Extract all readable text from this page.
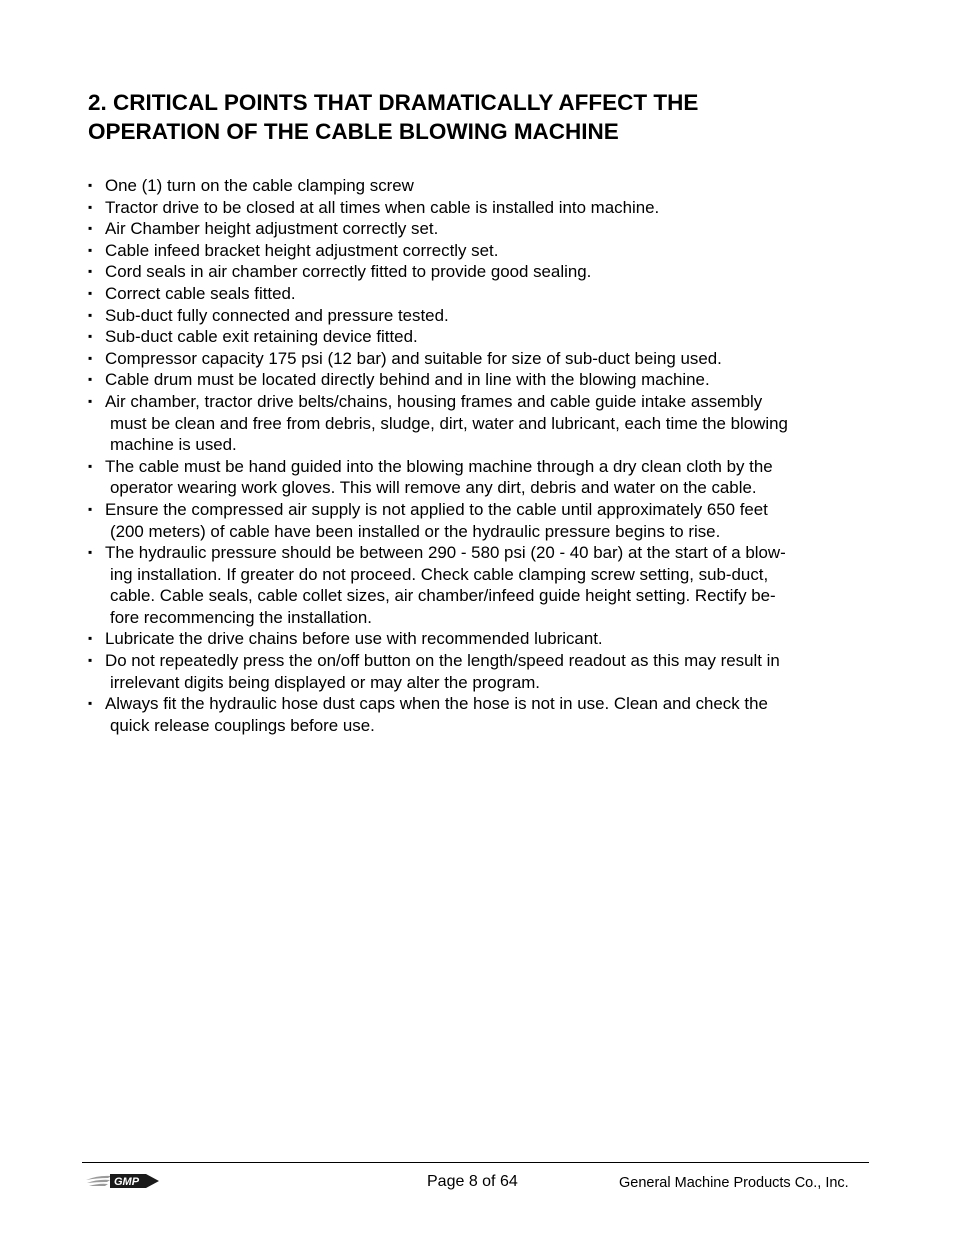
2. CRITICAL POINTS THAT DRAMATICALLY AFFECT THE
OPERATION OF THE CABLE BLOWING MACHINE
▪ One (1) turn on the cable clamping screw
▪ Tractor drive to be closed at all times when cable is installed into machine.
▪ Air Chamber height adjustment correctly set.
▪ Cable infeed bracket height adjustment correctly set.
▪ Cord seals in air chamber correctly fitted to provide good sealing.
▪ Correct cable seals fitted.
▪ Sub-duct fully connected and pressure tested.
▪ Sub-duct cable exit retaining device fitted.
▪ Compressor capacity 175 psi (12 bar) and suitable for size of sub-duct being used.
▪ Cable drum must be located directly behind and in line with the blowing machine.
▪ Air chamber, tractor drive belts/chains, housing frames and cable guide intake assembly
must be clean and free from debris, sludge, dirt, water and lubricant, each time the blowing
machine is used.
▪ The cable must be hand guided into the blowing machine through a dry clean cloth by the
operator wearing work gloves. This will remove any dirt, debris and water on the cable.
▪ Ensure the compressed air supply is not applied to the cable until approximately 650 feet
(200 meters) of cable have been installed or the hydraulic pressure begins to rise.
▪ The hydraulic pressure should be between 290 - 580 psi (20 - 40 bar) at the start of a blow-
ing installation. If greater do not proceed. Check cable clamping screw setting, sub-duct,
cable. Cable seals, cable collet sizes, air chamber/infeed guide height setting. Rectify be-
fore recommencing the installation.
▪ Lubricate the drive chains before use with recommended lubricant.
▪ Do not repeatedly press the on/off button on the length/speed readout as this may result in
irrelevant digits being displayed or may alter the program.
▪ Always fit the hydraulic hose dust caps when the hose is not in use. Clean and check the
quick release couplings before use.
GMP	Page 8 of 64	General Machine Products Co., Inc.
